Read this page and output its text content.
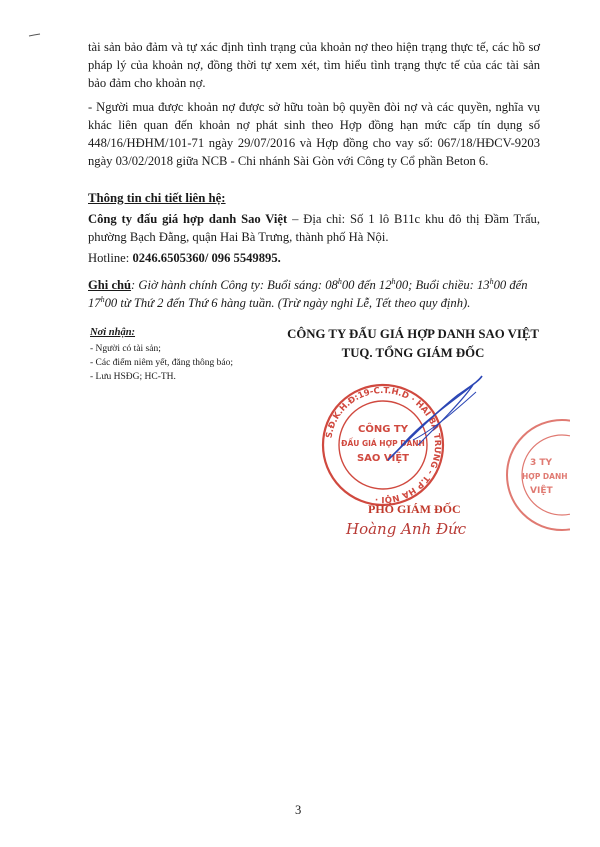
tài sản bảo đảm và tự xác định tình trạng của khoản nợ theo hiện trạng thực tế, các hồ sơ pháp lý của khoản nợ, đồng thời tự xem xét, tìm hiểu tình trạng thực tế của các tài sản bảo đảm cho khoản nợ.

- Người mua được khoản nợ được sở hữu toàn bộ quyền đòi nợ và các quyền, nghĩa vụ khác liên quan đến khoản nợ phát sinh theo Hợp đồng hạn mức cấp tín dụng số 448/16/HĐHM/101-71 ngày 29/07/2016 và Hợp đồng cho vay số: 067/18/HĐCV-9203 ngày 03/02/2018 giữa NCB - Chi nhánh Sài Gòn với Công ty Cổ phần Beton 6.

Thông tin chi tiết liên hệ:
Công ty đấu giá hợp danh Sao Việt – Địa chỉ: Số 1 lô B11c khu đô thị Đầm Trấu, phường Bạch Đằng, quận Hai Bà Trưng, thành phố Hà Nội.
Hotline: 0246.6505360/ 096 5549895.
Ghi chú: Giờ hành chính Công ty: Buổi sáng: 08$^h$00 đến 12$^h$00; Buổi chiều: 13$^h$00 đến 17$^h$00 từ Thứ 2 đến Thứ 6 hàng tuần. (Trừ ngày nghỉ Lễ, Tết theo quy định).
Nơi nhận:
- Người có tài sản;
- Các điểm niêm yết, đăng thông báo;
- Lưu HSĐG; HC-TH.
CÔNG TY ĐẤU GIÁ HỢP DANH SAO VIỆT
TUQ. TỔNG GIÁM ĐỐC
S.Đ.K.H.Đ:19-C.T.H.D · HAI BÀ TRƯNG - T.P HÀ NỘI ·
CÔNG TY
ĐẤU GIÁ HỢP DANH
SAO VIỆT	3 TY
HỢP DANH
VIỆT
PHÓ GIÁM ĐỐC
Hoàng Anh Đức
3
